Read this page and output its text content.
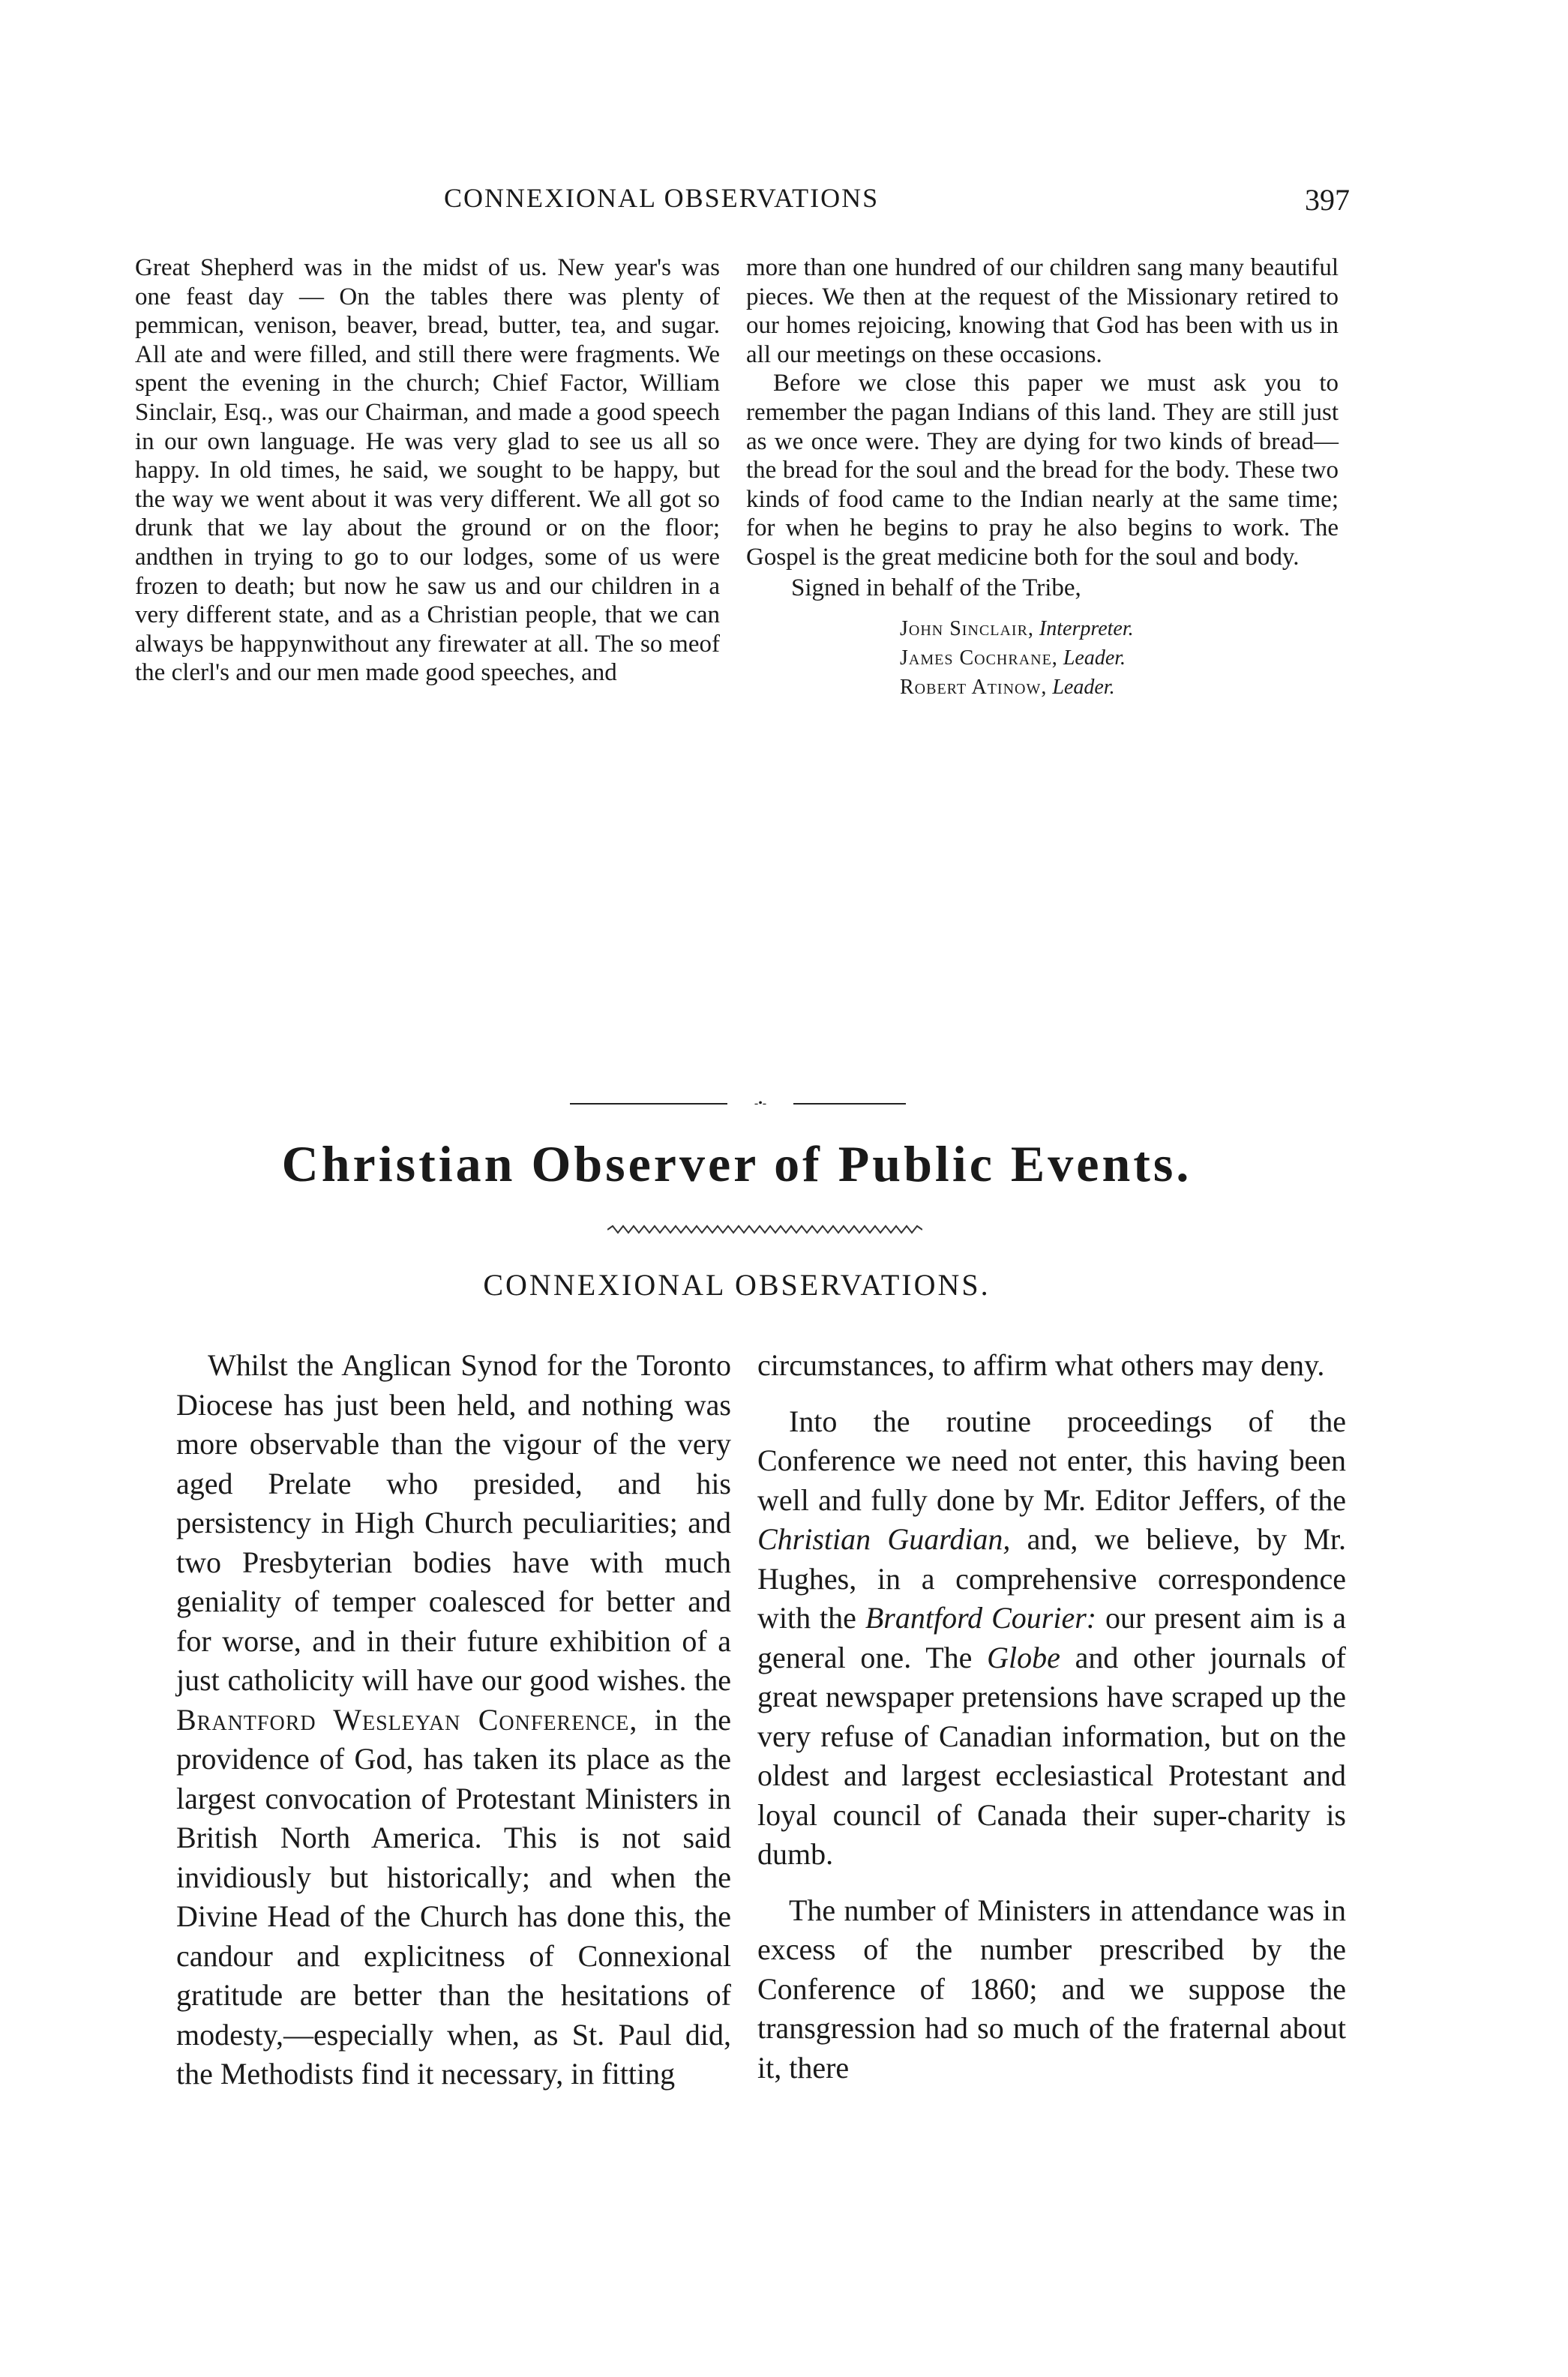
CONNEXIONAL OBSERVATIONS	397

Great Shepherd was in the midst of us. New year's was one feast day — On the tables there was plenty of pemmican, venison, beaver, bread, butter, tea, and sugar. All ate and were filled, and still there were fragments. We spent the evening in the church; Chief Factor, William Sinclair, Esq., was our Chairman, and made a good speech in our own language. He was very glad to see us all so happy. In old times, he said, we sought to be happy, but the way we went about it was very different. We all got so drunk that we lay about the ground or on the floor; andthen in trying to go to our lodges, some of us were frozen to death; but now he saw us and our children in a very different state, and as a Christian people, that we can always be happynwithout any firewater at all. The so meof the clerl's and our men made good speeches, and

more than one hundred of our children sang many beautiful pieces. We then at the request of the Missionary retired to our homes rejoicing, knowing that God has been with us in all our meetings on these occasions.

Before we close this paper we must ask you to remember the pagan Indians of this land. They are still just as we once were. They are dying for two kinds of bread—the bread for the soul and the bread for the body. These two kinds of food came to the Indian nearly at the same time; for when he begins to pray he also begins to work. The Gospel is the great medicine both for the soul and body.

Signed in behalf of the Tribe,

John Sinclair, Interpreter.
James Cochrane, Leader.
Robert Atinow, Leader.
-•-
Christian Observer of Public Events.
CONNEXIONAL OBSERVATIONS.

Whilst the Anglican Synod for the Toronto Diocese has just been held, and nothing was more observable than the vigour of the very aged Prelate who presided, and his persistency in High Church peculiarities; and two Presbyterian bodies have with much geniality of temper coalesced for better and for worse, and in their future exhibition of a just catholicity will have our good wishes. the Brantford Wesleyan Conference, in the providence of God, has taken its place as the largest convocation of Protestant Ministers in British North America. This is not said invidiously but historically; and when the Divine Head of the Church has done this, the candour and explicitness of Connexional gratitude are better than the hesitations of modesty,—especially when, as St. Paul did, the Methodists find it necessary, in fitting

circumstances, to affirm what others may deny.

Into the routine proceedings of the Conference we need not enter, this having been well and fully done by Mr. Editor Jeffers, of the Christian Guardian, and, we believe, by Mr. Hughes, in a comprehensive correspondence with the Brantford Courier: our present aim is a general one. The Globe and other journals of great newspaper pretensions have scraped up the very refuse of Canadian information, but on the oldest and largest ecclesiastical Protestant and loyal council of Canada their super-charity is dumb.

The number of Ministers in attendance was in excess of the number prescribed by the Conference of 1860; and we suppose the transgression had so much of the fraternal about it, there
